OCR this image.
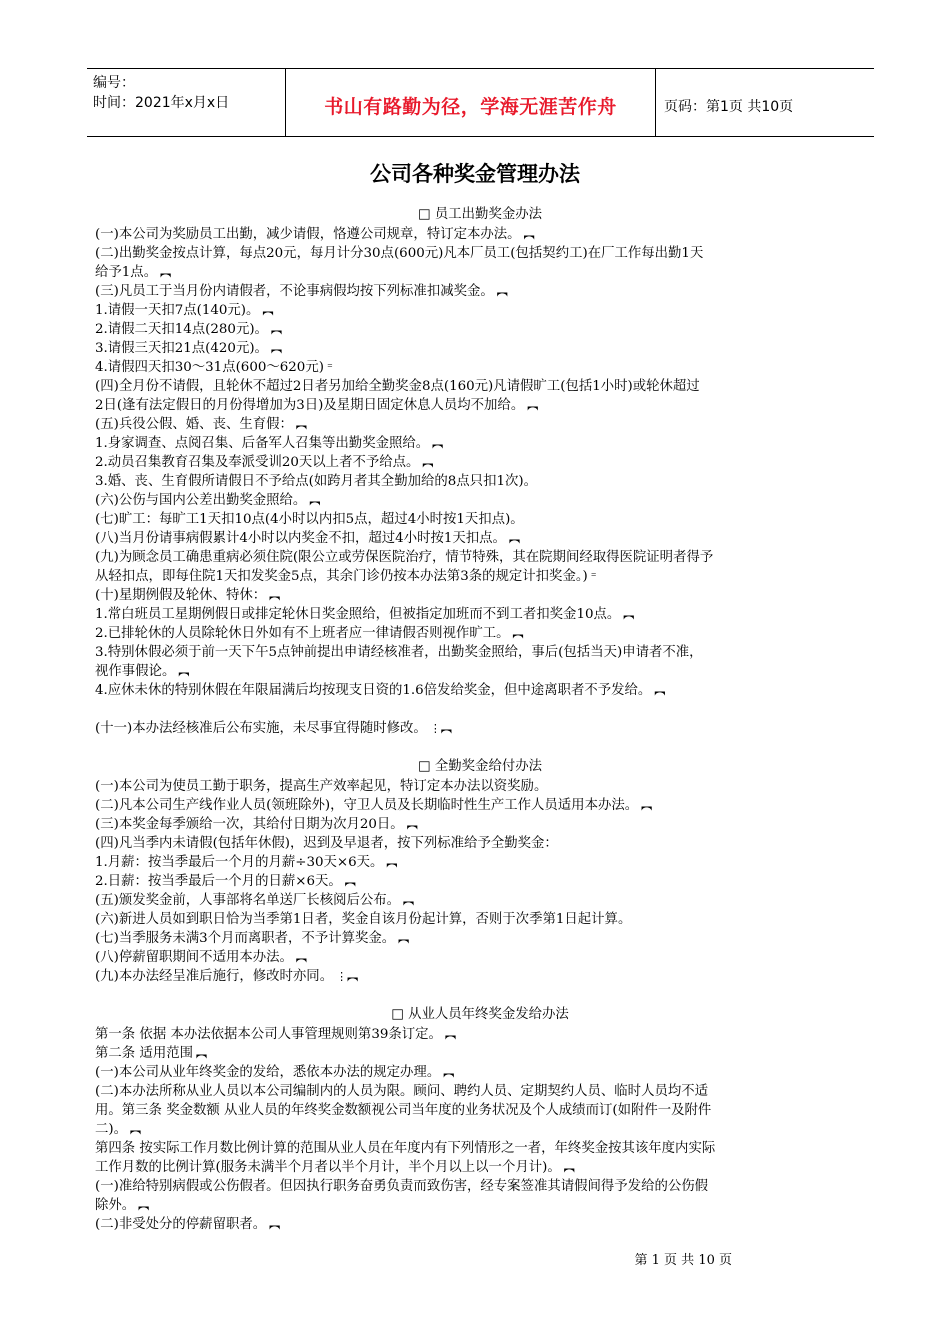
编号：
时间：2021年x月x日	书山有路勤为径，学海无涯苦作舟	页码：第1页 共10页
公司各种奖金管理办法
□ 员工出勤奖金办法
(一)本公司为奖励员工出勤，减少请假，恪遵公司规章，特订定本办法。 ︻
(二)出勤奖金按点计算，每点20元，每月计分30点(600元)凡本厂员工(包括契约工)在厂工作每出勤1天
给予1点。 ︻
(三)凡员工于当月份内请假者，不论事病假均按下列标准扣减奖金。 ︻
1.请假一天扣7点(140元)。 ︻
2.请假二天扣14点(280元)。 ︻
3.请假三天扣21点(420元)。 ︻
4.请假四天扣30～31点(600～620元) ⁼
(四)全月份不请假，且轮休不超过2日者另加给全勤奖金8点(160元)凡请假旷工(包括1小时)或轮休超过
2日(逢有法定假日的月份得增加为3日)及星期日固定休息人员均不加给。 ︻
(五)兵役公假、婚、丧、生育假： ︻
1.身家调查、点阅召集、后备军人召集等出勤奖金照给。 ︻
2.动员召集教育召集及奉派受训20天以上者不予给点。 ︻
3.婚、丧、生育假所请假日不予给点(如跨月者其全勤加给的8点只扣1次)。
(六)公伤与国内公差出勤奖金照给。 ︻
(七)旷工：每旷工1天扣10点(4小时以内扣5点，超过4小时按1天扣点)。
(八)当月份请事病假累计4小时以内奖金不扣，超过4小时按1天扣点。 ︻
(九)为顾念员工确患重病必须住院(限公立或劳保医院治疗，情节特殊，其在院期间经取得医院证明者得予
从轻扣点，即每住院1天扣发奖金5点，其余门诊仍按本办法第3条的规定计扣奖金。) ⁼
(十)星期例假及轮休、特休： ︻
1.常白班员工星期例假日或排定轮休日奖金照给，但被指定加班而不到工者扣奖金10点。 ︻
2.已排轮休的人员除轮休日外如有不上班者应一律请假否则视作旷工。 ︻
3.特别休假必须于前一天下午5点钟前提出申请经核准者，出勤奖金照给，事后(包括当天)申请者不准，
视作事假论。 ︻
4.应休未休的特别休假在年限届满后均按现支日资的1.6倍发给奖金，但中途离职者不予发给。 ︻
(十一)本办法经核准后公布实施，未尽事宜得随时修改。 ⋮︻
□ 全勤奖金给付办法
(一)本公司为使员工勤于职务，提高生产效率起见，特订定本办法以资奖励。
(二)凡本公司生产线作业人员(领班除外)，守卫人员及长期临时性生产工作人员适用本办法。 ︻
(三)本奖金每季颁给一次，其给付日期为次月20日。 ︻
(四)凡当季内未请假(包括年休假)，迟到及早退者，按下列标准给予全勤奖金：
1.月薪：按当季最后一个月的月薪÷30天×6天。 ︻
2.日薪：按当季最后一个月的日薪×6天。 ︻
(五)颁发奖金前，人事部将名单送厂长核阅后公布。 ︻
(六)新进人员如到职日恰为当季第1日者，奖金自该月份起计算，否则于次季第1日起计算。
(七)当季服务未满3个月而离职者，不予计算奖金。 ︻
(八)停薪留职期间不适用本办法。 ︻
(九)本办法经呈准后施行，修改时亦同。 ⋮︻
□ 从业人员年终奖金发给办法
第一条 依据 本办法依据本公司人事管理规则第39条订定。 ︻
第二条 适用范围 ︻
(一)本公司从业年终奖金的发给，悉依本办法的规定办理。 ︻
(二)本办法所称从业人员以本公司编制内的人员为限。顾问、聘约人员、定期契约人员、临时人员均不适
用。第三条 奖金数额 从业人员的年终奖金数额视公司当年度的业务状况及个人成绩而订(如附件一及附件
二)。 ︻
第四条 按实际工作月数比例计算的范围从业人员在年度内有下列情形之一者，年终奖金按其该年度内实际
工作月数的比例计算(服务未满半个月者以半个月计，半个月以上以一个月计)。 ︻
(一)准给特别病假或公伤假者。但因执行职务奋勇负责而致伤害，经专案签准其请假间得予发给的公伤假
除外。 ︻
(二)非受处分的停薪留职者。 ︻
第 1 页 共 10 页
